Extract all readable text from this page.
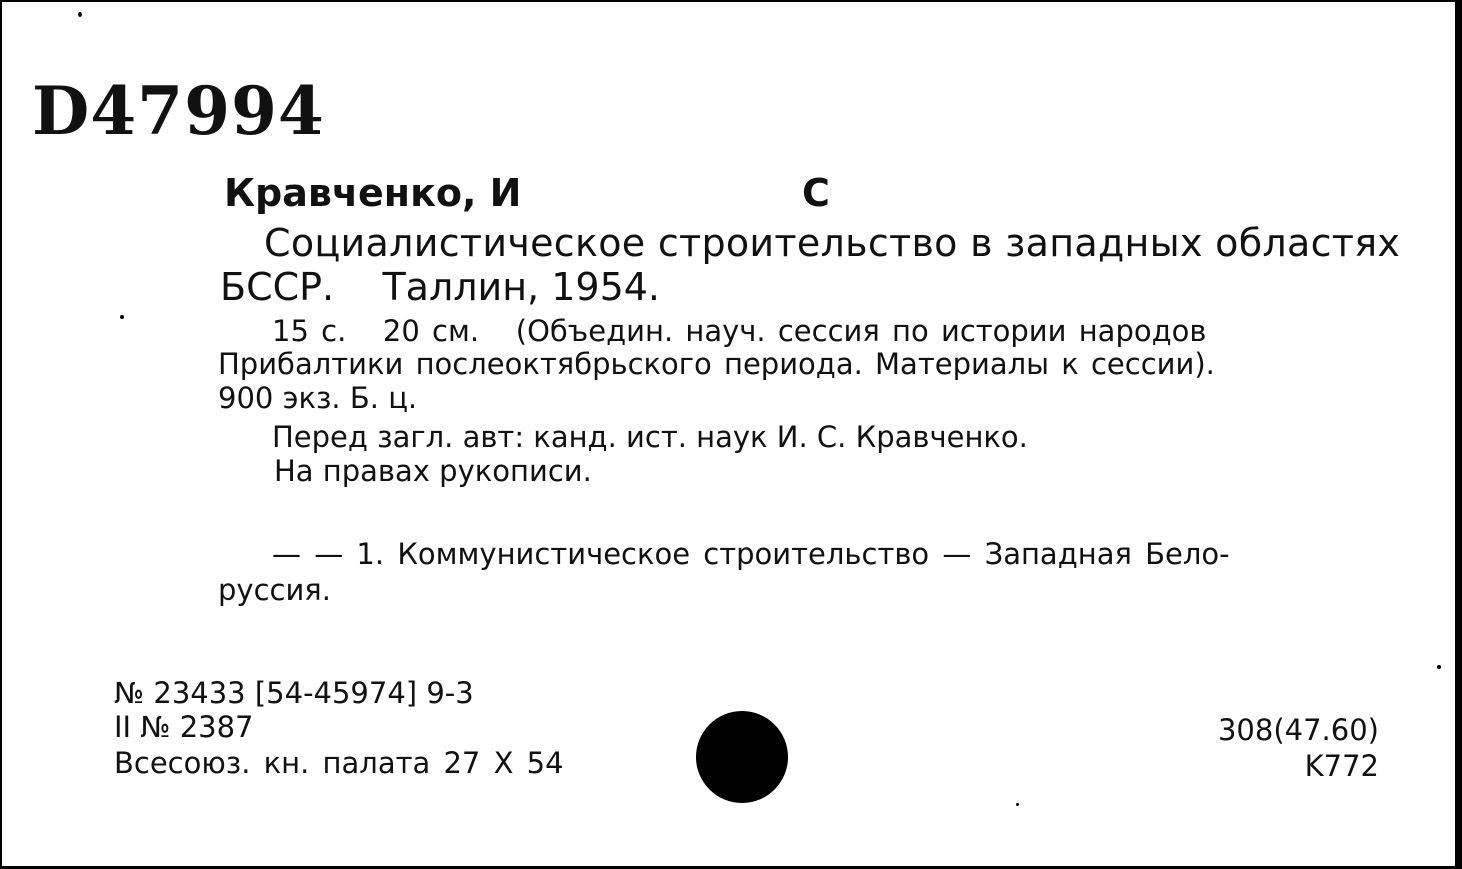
D47994
Кравченко, И	С
Социалистическое строительство в западных областях
БССР.    Таллин, 1954.
15 с.   20 см.   (Объедин. науч. сессия по истории народов
Прибалтики послеоктябрьского периода. Материалы к сессии).
900 экз. Б. ц.
Перед загл. авт: канд. ист. наук И. С. Кравченко.
На правах рукописи.
— — 1. Коммунистическое строительство — Западная Бело-
руссия.
№ 23433 [54-45974] 9-3
II № 2387
Всесоюз. кн. палата 27 X 54
308(47.60)
K772
